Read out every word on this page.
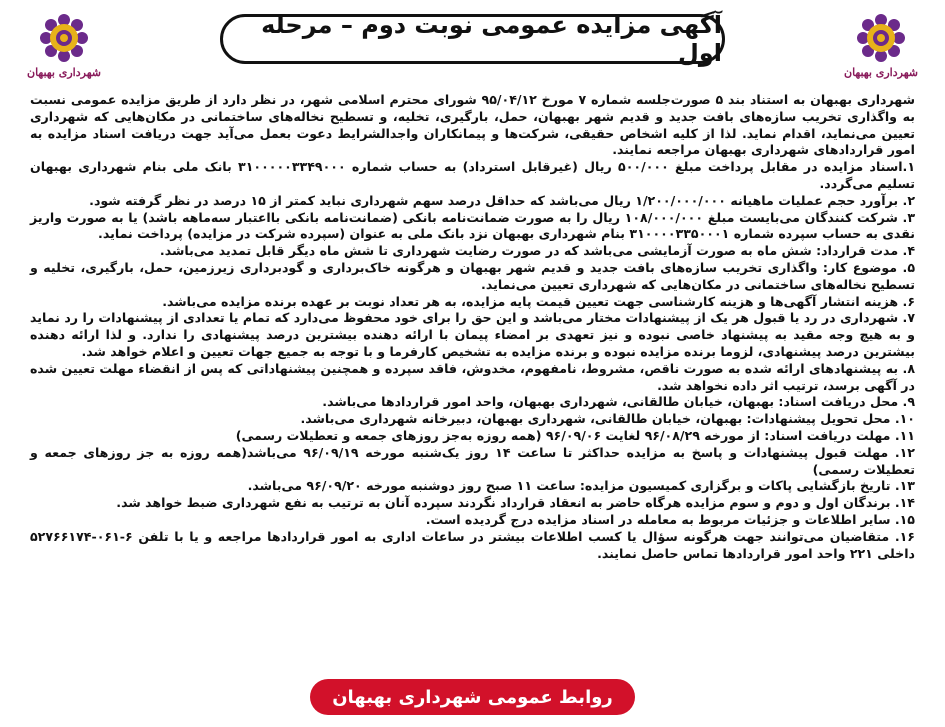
شهرداری بهبهان	شهرداری بهبهان
آگهی مزایده عمومی نوبت دوم – مرحله اول

شهرداری بهبهان به استناد بند ۵ صورت‌جلسه شماره ۷ مورخ ۹۵/۰۴/۱۲ شورای محترم اسلامی شهر، در نظر دارد از طریق مزایده عمومی نسبت به واگذاری تخریب سازه‌های بافت جدید و قدیم شهر بهبهان، حمل، بارگیری، تخلیه، و تسطیح نخاله‌های ساختمانی در مکان‌هایی که شهرداری تعیین می‌نماید، اقدام نماید. لذا از کلیه اشخاص حقیقی، شرکت‌ها و پیمانکاران واجدالشرایط دعوت بعمل می‌آید جهت دریافت اسناد مزایده به امور قراردادهای شهرداری بهبهان مراجعه نمایند.

۱.اسناد مزایده در مقابل پرداخت مبلغ ۵۰۰/۰۰۰ ریال (غیرقابل استرداد) به حساب شماره ۳۱۰۰۰۰۰۳۳۴۹۰۰۰ بانک ملی بنام شهرداری بهبهان تسلیم می‌گردد.

۲. برآورد حجم عملیات ماهیانه ۱/۲۰۰/۰۰۰/۰۰۰ ریال می‌باشد که حداقل درصد سهم شهرداری نباید کمتر از ۱۵ درصد در نظر گرفته شود.

۳. شرکت کنندگان می‌بایست مبلغ ۱۰۸/۰۰۰/۰۰۰ ریال را به صورت ضمانت‌نامه بانکی (ضمانت‌نامه بانکی بااعتبار سه‌ماهه باشد) یا به صورت واریز نقدی به حساب سپرده شماره ۳۱۰۰۰۰۳۳۵۰۰۰۱ بنام شهرداری بهبهان نزد بانک ملی به عنوان (سپرده شرکت در مزایده) پرداخت نماید.

۴. مدت قرارداد: شش ماه به صورت آزمایشی می‌باشد که در صورت رضایت شهرداری تا شش ماه دیگر قابل تمدید می‌باشد.

۵. موضوع کار: واگذاری تخریب سازه‌های بافت جدید و قدیم شهر بهبهان و هرگونه خاک‌برداری و گودبرداری زیرزمین، حمل، بارگیری، تخلیه و تسطیح نخاله‌های ساختمانی در مکان‌هایی که شهرداری تعیین می‌نماید.

۶. هزینه انتشار آگهی‌ها و هزینه کارشناسی جهت تعیین قیمت پایه مزایده، به هر تعداد نوبت بر عهده برنده مزایده می‌باشد.

۷. شهرداری در رد یا قبول هر یک از پیشنهادات مختار می‌باشد و این حق را برای خود محفوظ می‌دارد که تمام یا تعدادی از پیشنهادات را رد نماید و به هیچ وجه مقید به پیشنهاد خاصی نبوده و نیز تعهدی بر امضاء پیمان با ارائه دهنده بیشترین درصد پیشنهادی را ندارد. و لذا ارائه دهنده بیشترین درصد پیشنهادی، لزوما برنده مزایده نبوده و برنده مزایده به تشخیص کارفرما و با توجه به جمیع جهات تعیین و اعلام خواهد شد.

۸. به پیشنهادهای ارائه شده به صورت ناقص، مشروط، نامفهوم، مخدوش، فاقد سپرده و همچنین پیشنهاداتی که پس از انقضاء مهلت تعیین شده در آگهی برسد، ترتیب اثر داده نخواهد شد.

۹. محل دریافت اسناد: بهبهان، خیابان طالقانی، شهرداری بهبهان، واحد امور قراردادها می‌باشد.

۱۰. محل تحویل پیشنهادات: بهبهان، خیابان طالقانی، شهرداری بهبهان، دبیرخانه شهرداری می‌باشد.

۱۱. مهلت دریافت اسناد: از مورخه ۹۶/۰۸/۲۹ لغایت ۹۶/۰۹/۰۶ (همه روزه به‌جز روزهای جمعه و تعطیلات رسمی)

۱۲. مهلت قبول پیشنهادات و پاسخ به مزایده حداکثر تا ساعت ۱۴ روز یک‌شنبه مورخه ۹۶/۰۹/۱۹ می‌باشد(همه روزه به جز روزهای جمعه و تعطیلات رسمی)

۱۳. تاریخ بازگشایی پاکات و برگزاری کمیسیون مزایده: ساعت ۱۱ صبح روز دوشنبه مورخه ۹۶/۰۹/۲۰ می‌باشد.

۱۴. برندگان اول و دوم و سوم مزایده هرگاه حاضر به انعقاد قرارداد نگردند سپرده آنان به ترتیب به نفع شهرداری ضبط خواهد شد.

۱۵. سایر اطلاعات و جزئیات مربوط به معامله در اسناد مزایده درج گردیده است.

۱۶. متقاضیان می‌توانند جهت هرگونه سؤال یا کسب اطلاعات بیشتر در ساعات اداری به امور قراردادها مراجعه و یا با تلفن ۶-۰۶۱-۵۲۷۶۶۱۷۴ داخلی ۲۲۱ واحد امور قراردادها تماس حاصل نمایند.

روابط عمومی شهرداری بهبهان
